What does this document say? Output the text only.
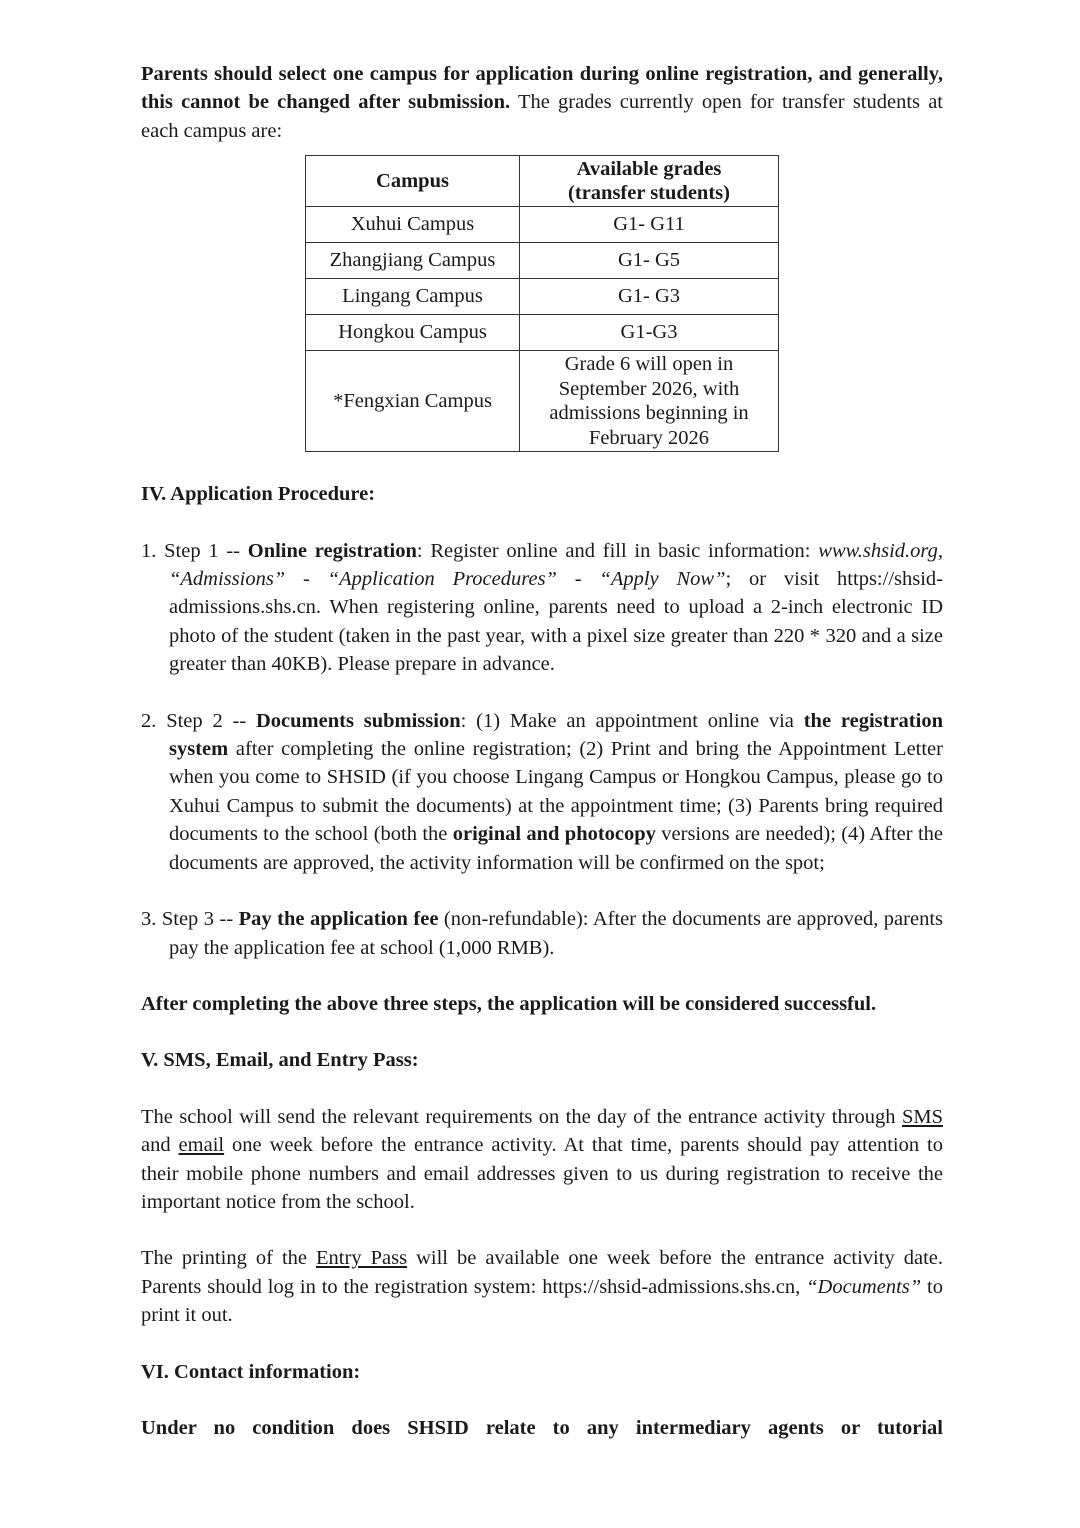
Parents should select one campus for application during online registration, and generally, this cannot be changed after submission. The grades currently open for transfer students at each campus are:

Campus	Available grades
(transfer students)
Xuhui Campus	G1- G11
Zhangjiang Campus	G1- G5
Lingang Campus	G1- G3
Hongkou Campus	G1-G3
*Fengxian Campus	Grade 6 will open in September 2026, with admissions beginning in February 2026

IV. Application Procedure:

1. Step 1 -- Online registration: Register online and fill in basic information: www.shsid.org, “Admissions” - “Application Procedures” - “Apply Now”; or visit https://shsid-admissions.shs.cn. When registering online, parents need to upload a 2-inch electronic ID photo of the student (taken in the past year, with a pixel size greater than 220 * 320 and a size greater than 40KB). Please prepare in advance.

2. Step 2 -- Documents submission: (1) Make an appointment online via the registration system after completing the online registration; (2) Print and bring the Appointment Letter when you come to SHSID (if you choose Lingang Campus or Hongkou Campus, please go to Xuhui Campus to submit the documents) at the appointment time; (3) Parents bring required documents to the school (both the original and photocopy versions are needed); (4) After the documents are approved, the activity information will be confirmed on the spot;

3. Step 3 -- Pay the application fee (non-refundable): After the documents are approved, parents pay the application fee at school (1,000 RMB).

After completing the above three steps, the application will be considered successful.

V. SMS, Email, and Entry Pass:

The school will send the relevant requirements on the day of the entrance activity through SMS and email one week before the entrance activity. At that time, parents should pay attention to their mobile phone numbers and email addresses given to us during registration to receive the important notice from the school.

The printing of the Entry Pass will be available one week before the entrance activity date. Parents should log in to the registration system: https://shsid-admissions.shs.cn, “Documents” to print it out.

VI. Contact information:

Under no condition does SHSID relate to any intermediary agents or tutorial
